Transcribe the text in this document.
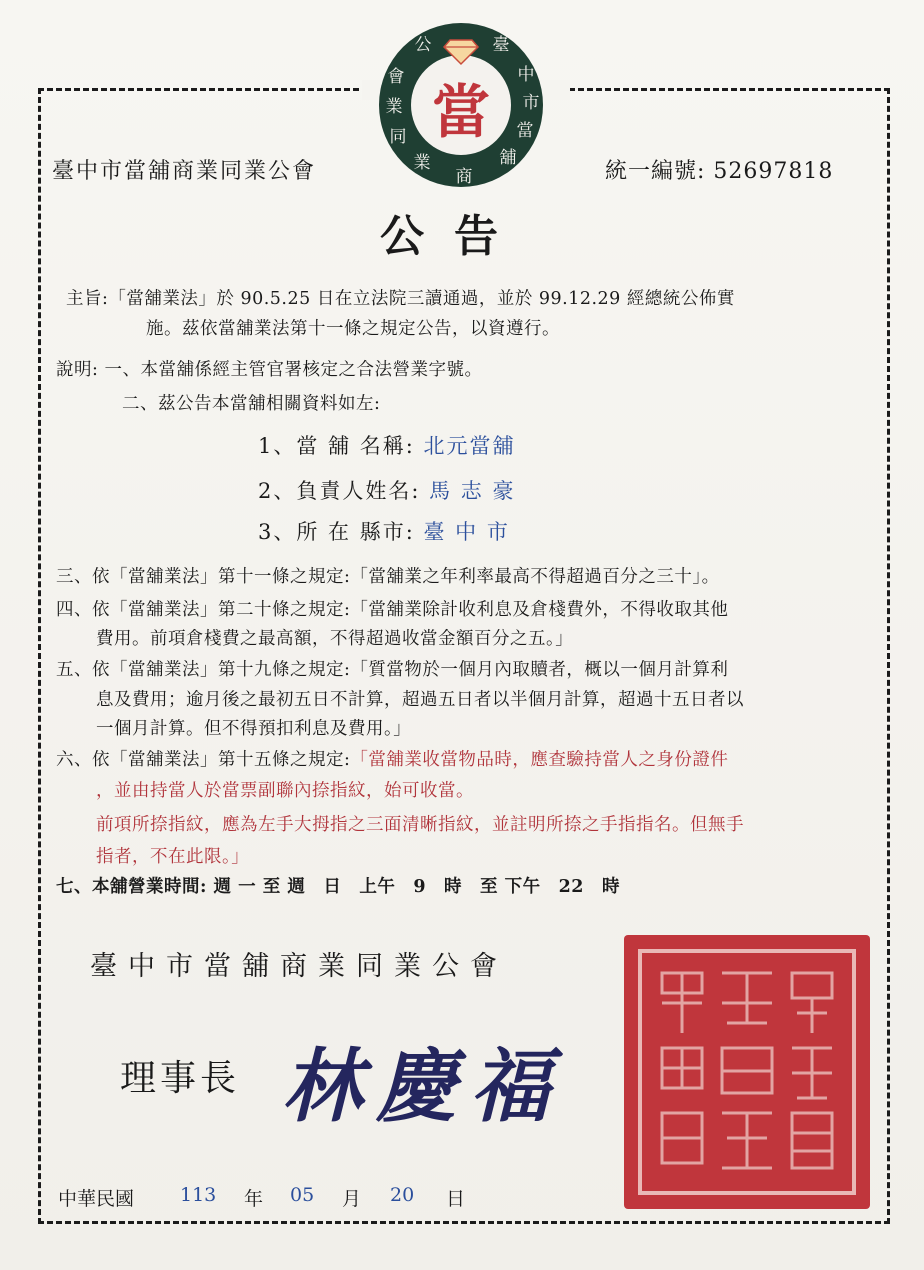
公	臺
中
市
當
舖
商
業
同
業
會
當
臺中市當舖商業同業公會	統一編號: 52697818
公告
主旨:「當舖業法」於 90.5.25 日在立法院三讀通過，並於 99.12.29 經總統公佈實
施。茲依當舖業法第十一條之規定公告，以資遵行。
說明: 一、本當舖係經主管官署核定之合法營業字號。
二、茲公告本當舖相關資料如左:
1、當 舖 名稱: 北元當舖
2、負責人姓名: 馬 志 豪
3、所 在 縣市: 臺 中 市
三、依「當舖業法」第十一條之規定:「當舖業之年利率最高不得超過百分之三十」。
四、依「當舖業法」第二十條之規定:「當舖業除計收利息及倉棧費外，不得收取其他
費用。前項倉棧費之最高額，不得超過收當金額百分之五。」
五、依「當舖業法」第十九條之規定:「質當物於一個月內取贖者，概以一個月計算利
息及費用；逾月後之最初五日不計算，超過五日者以半個月計算，超過十五日者以
一個月計算。但不得預扣利息及費用。」
六、依「當舖業法」第十五條之規定:「當舖業收當物品時，應查驗持當人之身份證件
，並由持當人於當票副聯內捺指紋，始可收當。
前項所捺指紋，應為左手大拇指之三面清晰指紋，並註明所捺之手指指名。但無手
指者，不在此限。」
七、本舖營業時間: 週 一 至 週　日　上午　9　時　至 下午　22　時
臺中市當舖商業同業公會
理事長 林慶福
中華民國 113 年 05 月 20 日
